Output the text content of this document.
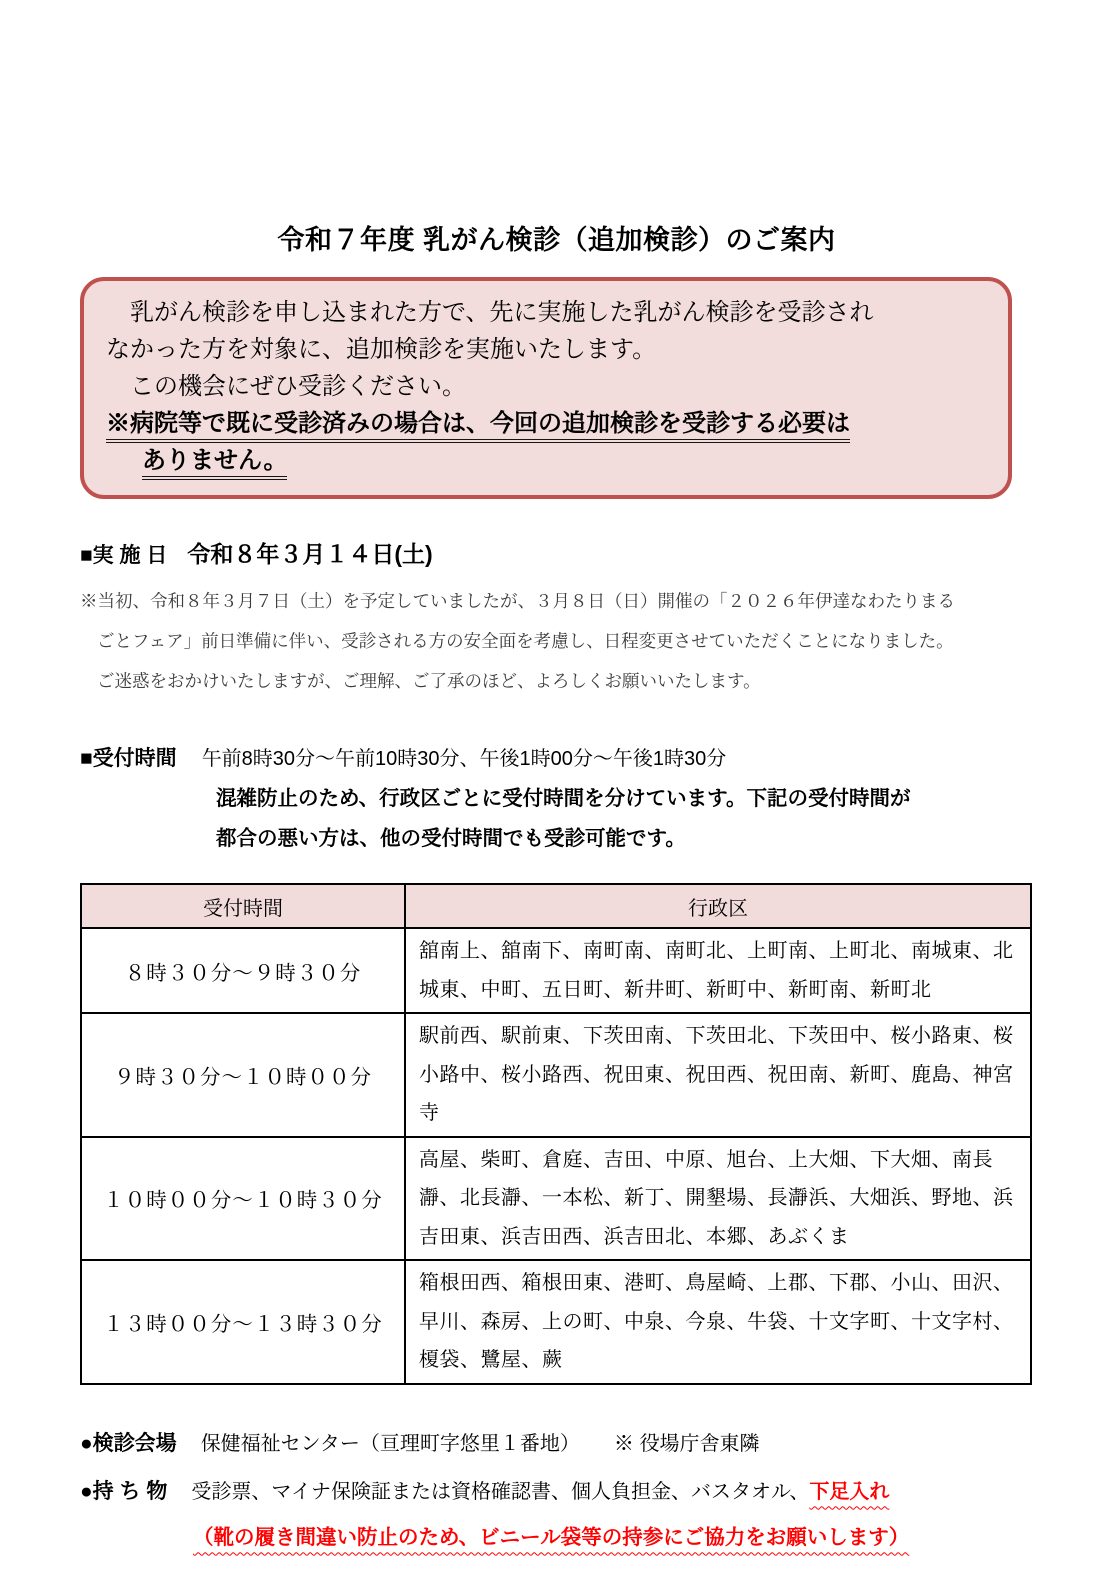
令和７年度 乳がん検診（追加検診）のご案内
　乳がん検診を申し込まれた方で、先に実施した乳がん検診を受診され
なかった方を対象に、追加検診を実施いたします。
　この機会にぜひ受診ください。
※病院等で既に受診済みの場合は、今回の追加検診を受診する必要は
ありません。
■実 施 日 令和８年３月１４日(土)
※当初、令和８年３月７日（土）を予定していましたが、３月８日（日）開催の「２０２６年伊達なわたりまる
ごとフェア」前日準備に伴い、受診される方の安全面を考慮し、日程変更させていただくことになりました。
ご迷惑をおかけいたしますが、ご理解、ご了承のほど、よろしくお願いいたします。
■受付時間 午前8時30分～午前10時30分、午後1時00分～午後1時30分
混雑防止のため、行政区ごとに受付時間を分けています。下記の受付時間が
都合の悪い方は、他の受付時間でも受診可能です。
受付時間	行政区
８時３０分～９時３０分	舘南上、舘南下、南町南、南町北、上町南、上町北、南城東、北城東、中町、五日町、新井町、新町中、新町南、新町北
９時３０分～１０時００分	駅前西、駅前東、下茨田南、下茨田北、下茨田中、桜小路東、桜小路中、桜小路西、祝田東、祝田西、祝田南、新町、鹿島、神宮寺
１０時００分～１０時３０分	高屋、柴町、倉庭、吉田、中原、旭台、上大畑、下大畑、南長瀞、北長瀞、一本松、新丁、開墾場、長瀞浜、大畑浜、野地、浜吉田東、浜吉田西、浜吉田北、本郷、あぶくま
１３時００分～１３時３０分	箱根田西、箱根田東、港町、鳥屋崎、上郡、下郡、小山、田沢、早川、森房、上の町、中泉、今泉、牛袋、十文字町、十文字村、榎袋、鷺屋、蕨
●検診会場 保健福祉センター（亘理町字悠里１番地） ※ 役場庁舎東隣
●持 ち 物 受診票、マイナ保険証または資格確認書、個人負担金、バスタオル、下足入れ
（靴の履き間違い防止のため、ビニール袋等の持参にご協力をお願いします）
